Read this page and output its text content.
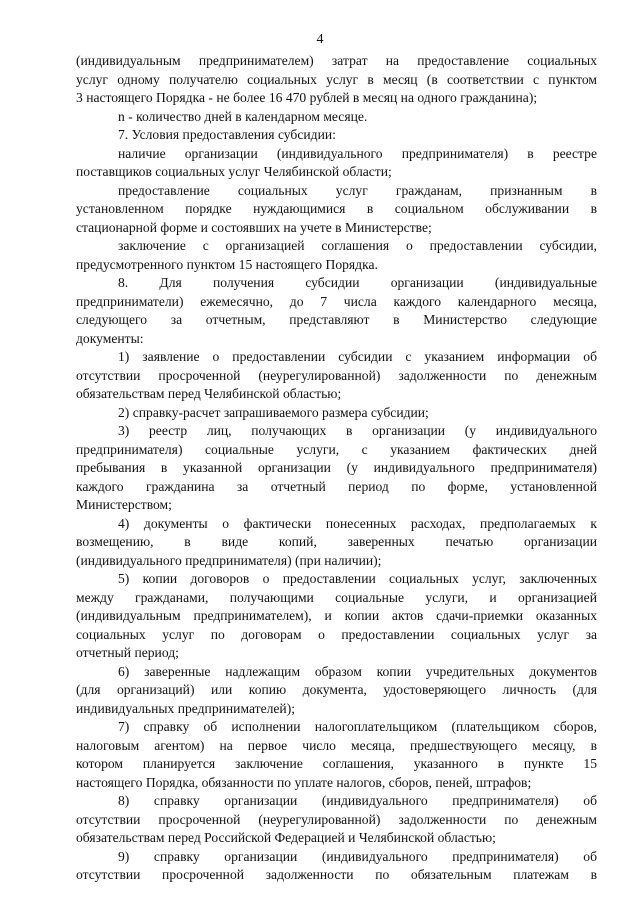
4
(индивидуальным предпринимателем) затрат на предоставление социальных
услуг одному получателю социальных услуг в месяц (в соответствии с пунктом
3 настоящего Порядка - не более 16 470 рублей в месяц на одного гражданина);
n - количество дней в календарном месяце.
7. Условия предоставления субсидии:
наличие организации (индивидуального предпринимателя) в реестре
поставщиков социальных услуг Челябинской области;
предоставление социальных услуг гражданам, признанным в
установленном порядке нуждающимися в социальном обслуживании в
стационарной форме и состоявших на учете в Министерстве;
заключение с организацией соглашения о предоставлении субсидии,
предусмотренного пунктом 15 настоящего Порядка.
8. Для получения субсидии организации (индивидуальные
предприниматели) ежемесячно, до 7 числа каждого календарного месяца,
следующего за отчетным, представляют в Министерство следующие
документы:
1) заявление о предоставлении субсидии с указанием информации об
отсутствии просроченной (неурегулированной) задолженности по денежным
обязательствам перед Челябинской областью;
2) справку-расчет запрашиваемого размера субсидии;
3) реестр лиц, получающих в организации (у индивидуального
предпринимателя) социальные услуги, с указанием фактических дней
пребывания в указанной организации (у индивидуального предпринимателя)
каждого гражданина за отчетный период по форме, установленной
Министерством;
4) документы о фактически понесенных расходах, предполагаемых к
возмещению, в виде копий, заверенных печатью организации
(индивидуального предпринимателя) (при наличии);
5) копии договоров о предоставлении социальных услуг, заключенных
между гражданами, получающими социальные услуги, и организацией
(индивидуальным предпринимателем), и копии актов сдачи-приемки оказанных
социальных услуг по договорам о предоставлении социальных услуг за
отчетный период;
6) заверенные надлежащим образом копии учредительных документов
(для организаций) или копию документа, удостоверяющего личность (для
индивидуальных предпринимателей);
7) справку об исполнении налогоплательщиком (плательщиком сборов,
налоговым агентом) на первое число месяца, предшествующего месяцу, в
котором планируется заключение соглашения, указанного в пункте 15
настоящего Порядка, обязанности по уплате налогов, сборов, пеней, штрафов;
8) справку организации (индивидуального предпринимателя) об
отсутствии просроченной (неурегулированной) задолженности по денежным
обязательствам перед Российской Федерацией и Челябинской областью;
9) справку организации (индивидуального предпринимателя) об
отсутствии просроченной задолженности по обязательным платежам в
